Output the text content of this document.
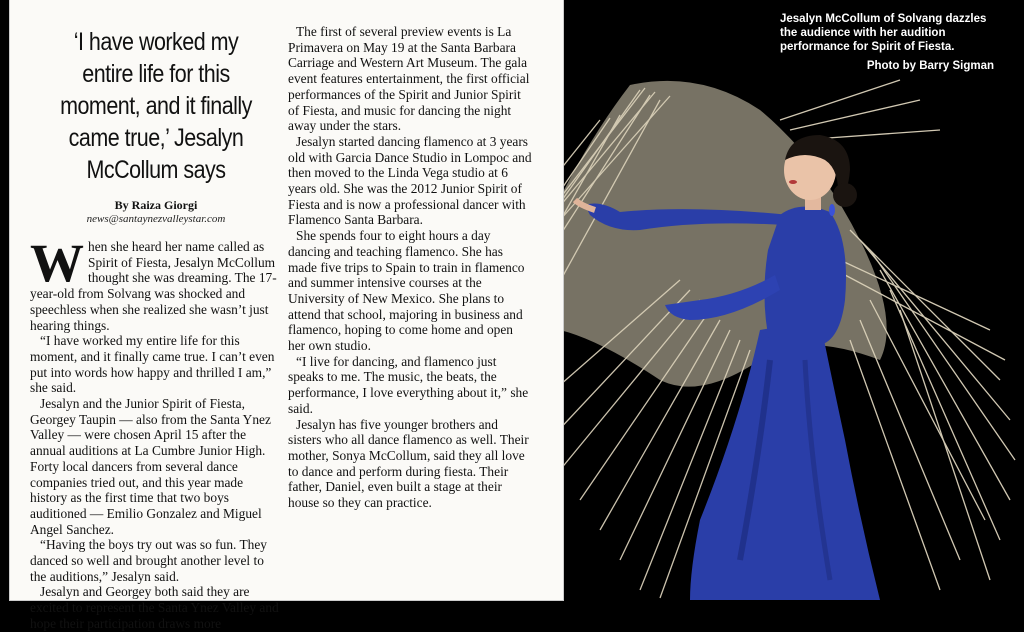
‘I have worked my entire life for this moment, and it finally came true,’ Jesalyn McCollum says
By Raiza Giorgi
news@santaynezvalleystar.com

When she heard her name called as Spirit of Fiesta, Jesalyn McCollum thought she was dreaming. The 17-year-old from Solvang was shocked and speechless when she realized she wasn’t just hearing things.

“I have worked my entire life for this moment, and it finally came true. I can’t even put into words how happy and thrilled I am,” she said.

Jesalyn and the Junior Spirit of Fiesta, Georgey Taupin — also from the Santa Ynez Valley — were chosen April 15 after the annual auditions at La Cumbre Junior High. Forty local dancers from several dance companies tried out, and this year made history as the first time that two boys auditioned — Emilio Gonzalez and Miguel Angel Sanchez.

“Having the boys try out was so fun. They danced so well and brought another level to the auditions,” Jesalyn said.

Jesalyn and Georgey both said they are excited to represent the Santa Ynez Valley and hope their participation draws more

The first of several preview events is La Primavera on May 19 at the Santa Barbara Carriage and Western Art Museum. The gala event features entertainment, the first official performances of the Spirit and Junior Spirit of Fiesta, and music for dancing the night away under the stars.

Jesalyn started dancing flamenco at 3 years old with Garcia Dance Studio in Lompoc and then moved to the Linda Vega studio at 6 years old. She was the 2012 Junior Spirit of Fiesta and is now a professional dancer with Flamenco Santa Barbara.

She spends four to eight hours a day dancing and teaching flamenco. She has made five trips to Spain to train in flamenco and summer intensive courses at the University of New Mexico. She plans to attend that school, majoring in business and flamenco, hoping to come home and open her own studio.

“I live for dancing, and flamenco just speaks to me. The music, the beats, the performance, I love everything about it,” she said.

Jesalyn has five younger brothers and sisters who all dance flamenco as well. Their mother, Sonya McCollum, said they all love to dance and perform during fiesta. Their father, Daniel, even built a stage at their house so they can practice.

Jesalyn McCollum of Solvang dazzles the audience with her audition performance for Spirit of Fiesta.
Photo by Barry Sigman
